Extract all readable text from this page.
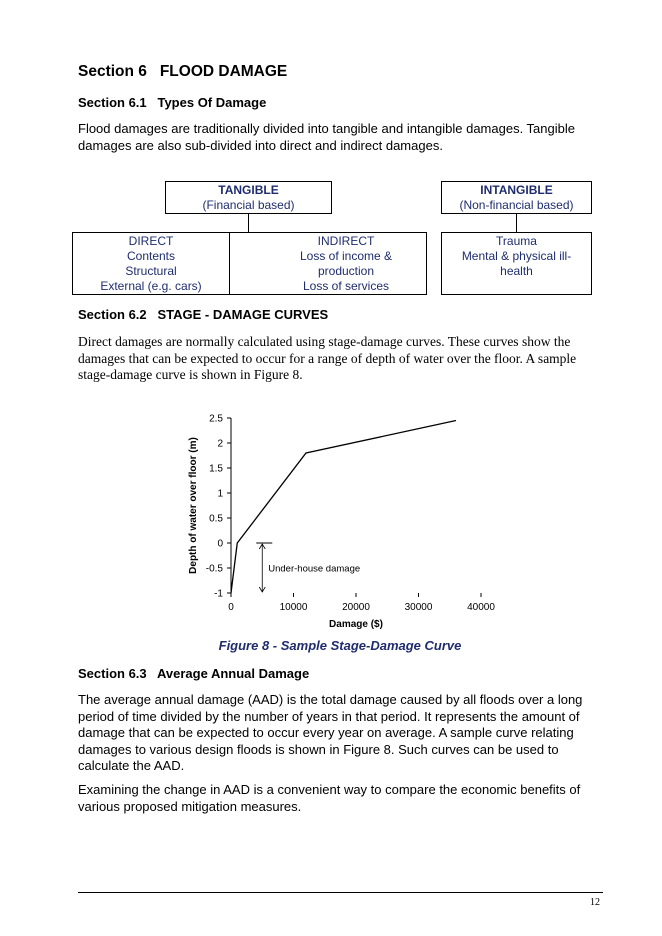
Section 6   FLOOD DAMAGE
Section 6.1   Types Of Damage
Flood damages are traditionally divided into tangible and intangible damages. Tangible
damages are also sub-divided into direct and indirect damages.
TANGIBLE
(Financial based)
INTANGIBLE
(Non-financial based)
DIRECT
Contents
Structural
External (e.g. cars)
INDIRECT
Loss of income &
production
Loss of services
Trauma
Mental & physical ill-
health
Section 6.2   STAGE - DAMAGE CURVES
Direct damages are normally calculated using stage-damage curves. These curves show the
damages that can be expected to occur for a range of depth of water over the floor. A sample
stage-damage curve is shown in Figure 8.
2.5
2
1.5
1
0.5
0
-0.5
-1
0	10000	20000	30000	40000
Damage ($)
Depth of water over floor (m)	Under-house damage
Figure 8 - Sample Stage-Damage Curve
Section 6.3   Average Annual Damage
The average annual damage (AAD) is the total damage caused by all floods over a long
period of time divided by the number of years in that period. It represents the amount of
damage that can be expected to occur every year on average. A sample curve relating
damages to various design floods is shown in Figure 8. Such curves can be used to
calculate the AAD.
Examining the change in AAD is a convenient way to compare the economic benefits of
various proposed mitigation measures.
12
